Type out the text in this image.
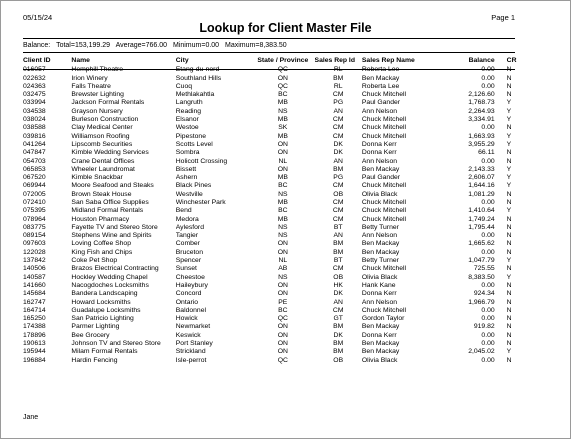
05/15/24	Page 1
Lookup for Client Master File
Balance: Total=153,199.29 Average=766.00 Minimum=0.00 Maximum=8,383.50
Client ID	Name	City	State / Province	Sales Rep Id	Sales Rep Name	Balance	CR
016057	Hemphill Theatre	Etang-du-nord	QC	RL	Roberta Lee	0.00	N
022632	Irion Winery	Southland Hills	ON	BM	Ben Mackay	0.00	N
024363	Falls Theatre	Cuoq	QC	RL	Roberta Lee	0.00	N
032475	Brewster Lighting	Methlakahtla	BC	CM	Chuck Mitchell	2,126.60	N
033994	Jackson Formal Rentals	Langruth	MB	PG	Paul Gander	1,768.73	Y
034538	Grayson Nursery	Reading	NS	AN	Ann Nelson	2,264.93	Y
038024	Burleson Construction	Elsanor	MB	CM	Chuck Mitchell	3,334.91	Y
038588	Clay Medical Center	Westoe	SK	CM	Chuck Mitchell	0.00	N
039816	Williamson Roofing	Pipestone	MB	CM	Chuck Mitchell	1,663.93	Y
041264	Lipscomb Securities	Scotts Level	ON	DK	Donna Kerr	3,955.29	Y
047847	Kimble Wedding Services	Sombra	ON	DK	Donna Kerr	66.11	N
054703	Crane Dental Offices	Holicott Crossing	NL	AN	Ann Nelson	0.00	N
065853	Wheeler Laundromat	Bissett	ON	BM	Ben Mackay	2,143.33	Y
067520	Kimble Snackbar	Ashern	MB	PG	Paul Gander	2,606.07	Y
069944	Moore Seafood and Steaks	Black Pines	BC	CM	Chuck Mitchell	1,644.16	Y
072005	Brown Steak House	Westville	NS	OB	Olivia Black	1,081.29	N
072410	San Saba Office Supplies	Winchester Park	MB	CM	Chuck Mitchell	0.00	N
075395	Midland Formal Rentals	Bend	BC	CM	Chuck Mitchell	1,410.64	Y
078964	Houston Pharmacy	Medora	MB	CM	Chuck Mitchell	1,749.24	N
083775	Fayette TV and Stereo Store	Aylesford	NS	BT	Betty Turner	1,795.44	N
089154	Stephens Wine and Spirits	Tangier	NS	AN	Ann Nelson	0.00	N
097603	Loving Coffee Shop	Comber	ON	BM	Ben Mackay	1,665.62	N
122028	King Fish and Chips	Bruceton	ON	BM	Ben Mackay	0.00	N
137842	Coke Pet Shop	Spencer	NL	BT	Betty Turner	1,047.79	Y
140506	Brazos Electrical Contracting	Sunset	AB	CM	Chuck Mitchell	725.55	N
140587	Hockley Wedding Chapel	Cheestoe	NS	OB	Olivia Black	8,383.50	Y
141660	Nacogdoches Locksmiths	Haileybury	ON	HK	Hank Kane	0.00	N
145684	Bandera Landscaping	Concord	ON	DK	Donna Kerr	924.34	N
162747	Howard Locksmiths	Ontario	PE	AN	Ann Nelson	1,966.79	N
164714	Guadalupe Locksmiths	Baldonnel	BC	CM	Chuck Mitchell	0.00	N
165250	San Patricio Lighting	Howick	QC	GT	Gordon Taylor	0.00	N
174388	Parmer Lighting	Newmarket	ON	BM	Ben Mackay	919.82	N
178896	Bee Grocery	Keswick	ON	DK	Donna Kerr	0.00	N
190613	Johnson TV and Stereo Store	Port Stanley	ON	BM	Ben Mackay	0.00	N
195944	Milam Formal Rentals	Strickland	ON	BM	Ben Mackay	2,045.02	Y
196884	Hardin Fencing	Isle-perrot	QC	OB	Olivia Black	0.00	N
Jane
